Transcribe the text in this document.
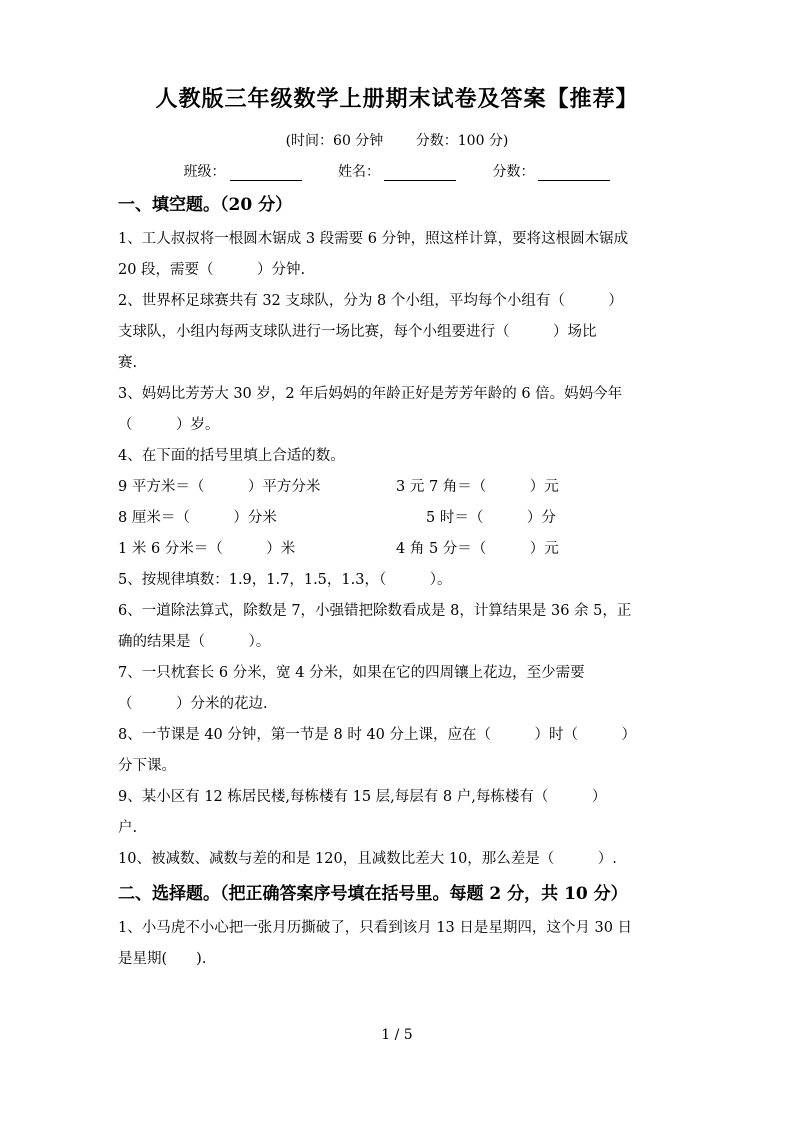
人教版三年级数学上册期末试卷及答案【推荐】
(时间：60 分钟 分数：100 分)
班级：	姓名：	分数：
一、填空题。（20 分）
1、工人叔叔将一根圆木锯成 3 段需要 6 分钟，照这样计算，要将这根圆木锯成
20 段，需要（　　　）分钟.
2、世界杯足球赛共有 32 支球队，分为 8 个小组，平均每个小组有（　　　）
支球队，小组内每两支球队进行一场比赛，每个小组要进行（　　　）场比
赛.
3、妈妈比芳芳大 30 岁，2 年后妈妈的年龄正好是芳芳年龄的 6 倍。妈妈今年
（　　　）岁。
4、在下面的括号里填上合适的数。
9 平方米＝（　　　）平方分米	3 元 7 角＝（　　　）元
8 厘米＝（　　　）分米	5 时＝（　　　）分
1 米 6 分米＝（　　　）米	4 角 5 分＝（　　　）元
5、按规律填数：1.9，1.7，1.5，1.3，（　　　）。
6、一道除法算式，除数是 7，小强错把除数看成是 8，计算结果是 36 余 5，正
确的结果是（　　　）。
7、一只枕套长 6 分米，宽 4 分米，如果在它的四周镶上花边，至少需要
（　　　）分米的花边.
8、一节课是 40 分钟，第一节是 8 时 40 分上课，应在（　　　）时（　　　）
分下课。
9、某小区有 12 栋居民楼,每栋楼有 15 层,每层有 8 户,每栋楼有（　　　）
户.
10、被减数、减数与差的和是 120，且减数比差大 10，那么差是（　　　）.
二、选择题。（把正确答案序号填在括号里。每题 2 分，共 10 分）
1、小马虎不小心把一张月历撕破了，只看到该月 13 日是星期四，这个月 30 日
是星期(　　).
1 / 5
